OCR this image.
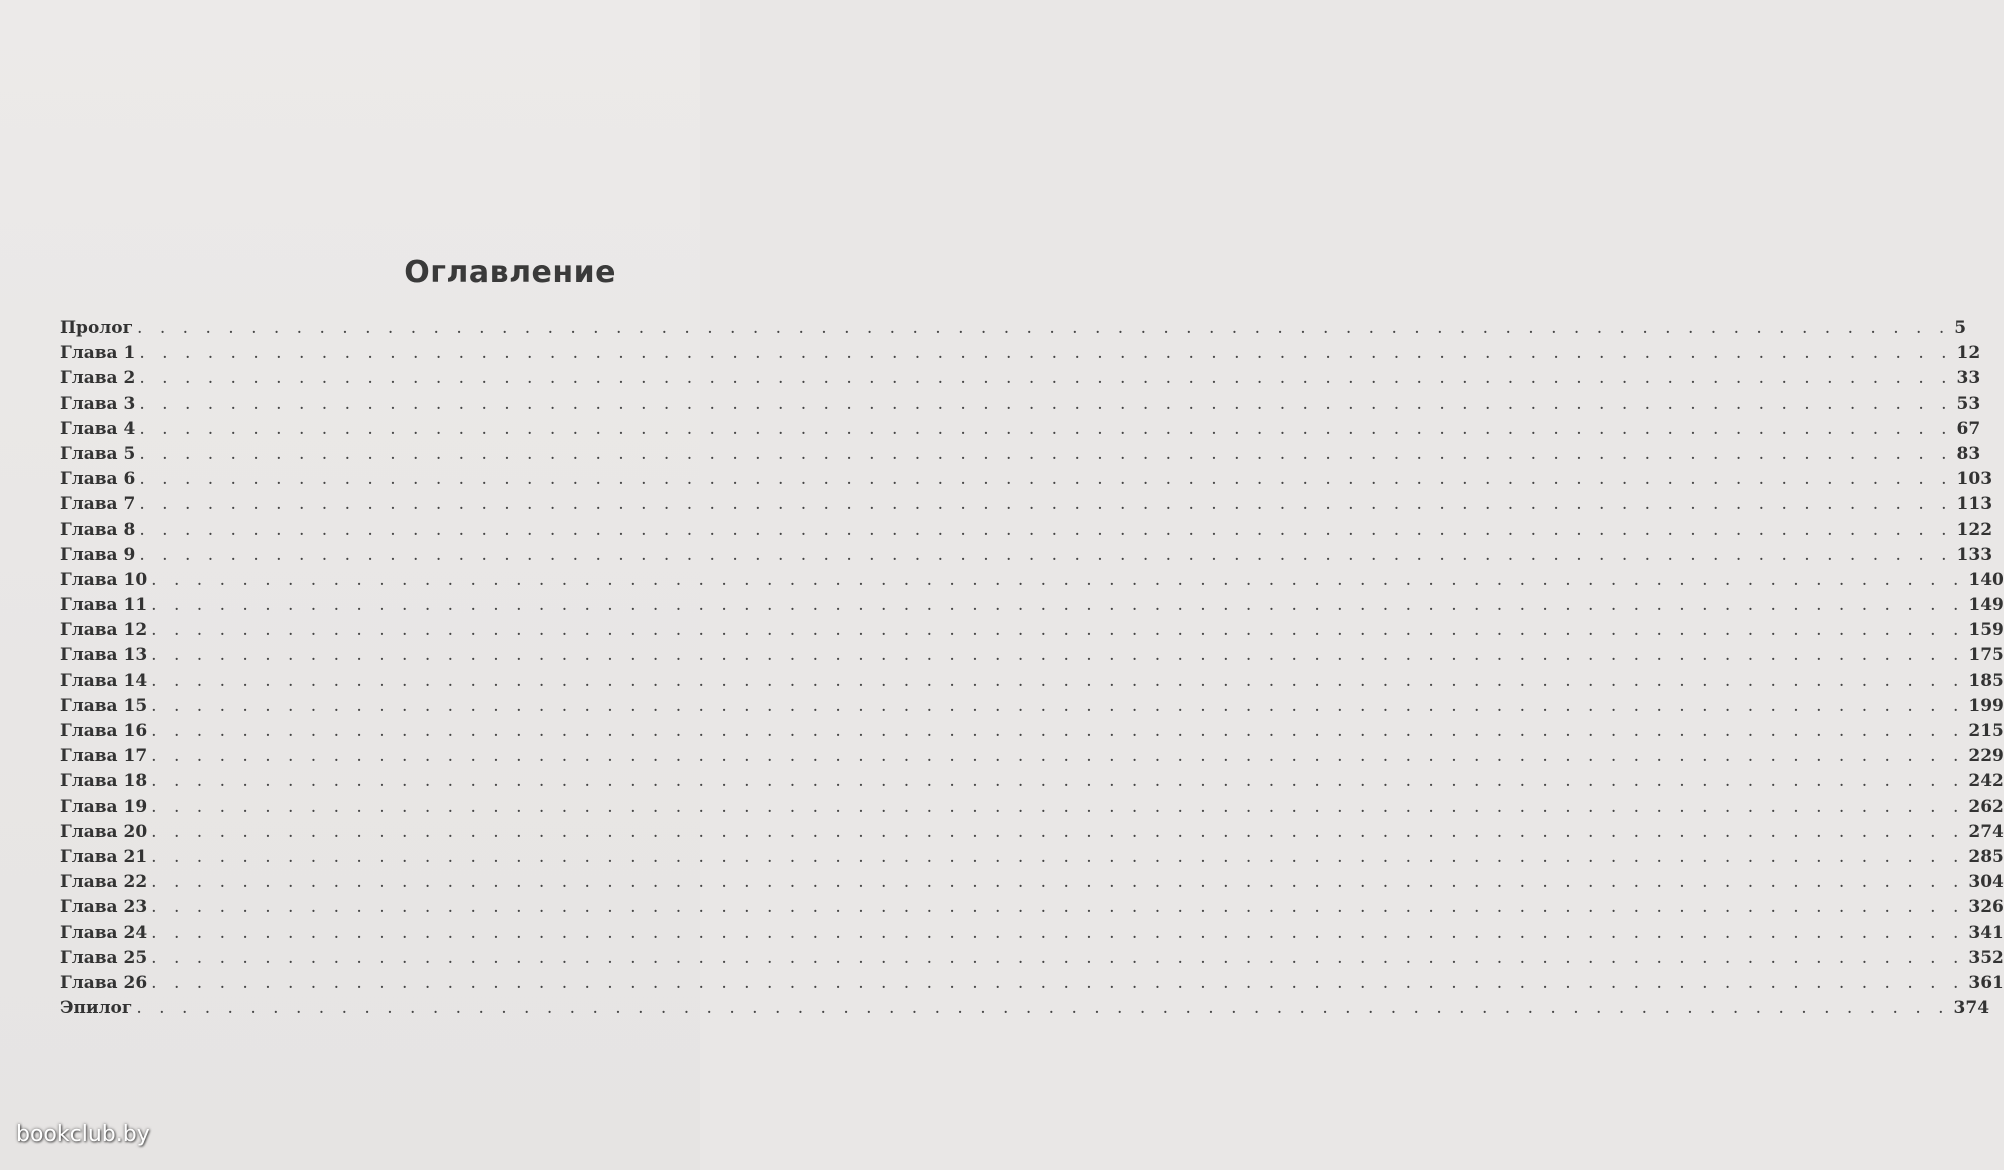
Оглавление
Пролог . . . . . . . . . . . . . . . . . . . . . . . . . . . . . . . . . . . . . . . . . . . . . . . . . . . . . . . . . . . . . . . . . . . . . . . . . . . . . . . . 5
Глава 1 . . . . . . . . . . . . . . . . . . . . . . . . . . . . . . . . . . . . . . . . . . . . . . . . . . . . . . . . . . . . . . . . . . . . . . . . . . . . . . . . 12
Глава 2 . . . . . . . . . . . . . . . . . . . . . . . . . . . . . . . . . . . . . . . . . . . . . . . . . . . . . . . . . . . . . . . . . . . . . . . . . . . . . . . . 33
Глава 3 . . . . . . . . . . . . . . . . . . . . . . . . . . . . . . . . . . . . . . . . . . . . . . . . . . . . . . . . . . . . . . . . . . . . . . . . . . . . . . . . 53
Глава 4 . . . . . . . . . . . . . . . . . . . . . . . . . . . . . . . . . . . . . . . . . . . . . . . . . . . . . . . . . . . . . . . . . . . . . . . . . . . . . . . . 67
Глава 5 . . . . . . . . . . . . . . . . . . . . . . . . . . . . . . . . . . . . . . . . . . . . . . . . . . . . . . . . . . . . . . . . . . . . . . . . . . . . . . . . 83
Глава 6 . . . . . . . . . . . . . . . . . . . . . . . . . . . . . . . . . . . . . . . . . . . . . . . . . . . . . . . . . . . . . . . . . . . . . . . . . . . . . . . . 103
Глава 7 . . . . . . . . . . . . . . . . . . . . . . . . . . . . . . . . . . . . . . . . . . . . . . . . . . . . . . . . . . . . . . . . . . . . . . . . . . . . . . . . 113
Глава 8 . . . . . . . . . . . . . . . . . . . . . . . . . . . . . . . . . . . . . . . . . . . . . . . . . . . . . . . . . . . . . . . . . . . . . . . . . . . . . . . . 122
Глава 9 . . . . . . . . . . . . . . . . . . . . . . . . . . . . . . . . . . . . . . . . . . . . . . . . . . . . . . . . . . . . . . . . . . . . . . . . . . . . . . . . 133
Глава 10 . . . . . . . . . . . . . . . . . . . . . . . . . . . . . . . . . . . . . . . . . . . . . . . . . . . . . . . . . . . . . . . . . . . . . . . . . . . . . . . . 140
Глава 11 . . . . . . . . . . . . . . . . . . . . . . . . . . . . . . . . . . . . . . . . . . . . . . . . . . . . . . . . . . . . . . . . . . . . . . . . . . . . . . . . 149
Глава 12 . . . . . . . . . . . . . . . . . . . . . . . . . . . . . . . . . . . . . . . . . . . . . . . . . . . . . . . . . . . . . . . . . . . . . . . . . . . . . . . . 159
Глава 13 . . . . . . . . . . . . . . . . . . . . . . . . . . . . . . . . . . . . . . . . . . . . . . . . . . . . . . . . . . . . . . . . . . . . . . . . . . . . . . . . 175
Глава 14 . . . . . . . . . . . . . . . . . . . . . . . . . . . . . . . . . . . . . . . . . . . . . . . . . . . . . . . . . . . . . . . . . . . . . . . . . . . . . . . . 185
Глава 15 . . . . . . . . . . . . . . . . . . . . . . . . . . . . . . . . . . . . . . . . . . . . . . . . . . . . . . . . . . . . . . . . . . . . . . . . . . . . . . . . 199
Глава 16 . . . . . . . . . . . . . . . . . . . . . . . . . . . . . . . . . . . . . . . . . . . . . . . . . . . . . . . . . . . . . . . . . . . . . . . . . . . . . . . . 215
Глава 17 . . . . . . . . . . . . . . . . . . . . . . . . . . . . . . . . . . . . . . . . . . . . . . . . . . . . . . . . . . . . . . . . . . . . . . . . . . . . . . . . 229
Глава 18 . . . . . . . . . . . . . . . . . . . . . . . . . . . . . . . . . . . . . . . . . . . . . . . . . . . . . . . . . . . . . . . . . . . . . . . . . . . . . . . . 242
Глава 19 . . . . . . . . . . . . . . . . . . . . . . . . . . . . . . . . . . . . . . . . . . . . . . . . . . . . . . . . . . . . . . . . . . . . . . . . . . . . . . . . 262
Глава 20 . . . . . . . . . . . . . . . . . . . . . . . . . . . . . . . . . . . . . . . . . . . . . . . . . . . . . . . . . . . . . . . . . . . . . . . . . . . . . . . . 274
Глава 21 . . . . . . . . . . . . . . . . . . . . . . . . . . . . . . . . . . . . . . . . . . . . . . . . . . . . . . . . . . . . . . . . . . . . . . . . . . . . . . . . 285
Глава 22 . . . . . . . . . . . . . . . . . . . . . . . . . . . . . . . . . . . . . . . . . . . . . . . . . . . . . . . . . . . . . . . . . . . . . . . . . . . . . . . . 304
Глава 23 . . . . . . . . . . . . . . . . . . . . . . . . . . . . . . . . . . . . . . . . . . . . . . . . . . . . . . . . . . . . . . . . . . . . . . . . . . . . . . . . 326
Глава 24 . . . . . . . . . . . . . . . . . . . . . . . . . . . . . . . . . . . . . . . . . . . . . . . . . . . . . . . . . . . . . . . . . . . . . . . . . . . . . . . . 341
Глава 25 . . . . . . . . . . . . . . . . . . . . . . . . . . . . . . . . . . . . . . . . . . . . . . . . . . . . . . . . . . . . . . . . . . . . . . . . . . . . . . . . 352
Глава 26 . . . . . . . . . . . . . . . . . . . . . . . . . . . . . . . . . . . . . . . . . . . . . . . . . . . . . . . . . . . . . . . . . . . . . . . . . . . . . . . . 361
Эпилог . . . . . . . . . . . . . . . . . . . . . . . . . . . . . . . . . . . . . . . . . . . . . . . . . . . . . . . . . . . . . . . . . . . . . . . . . . . . . . . . 374
bookclub.by
